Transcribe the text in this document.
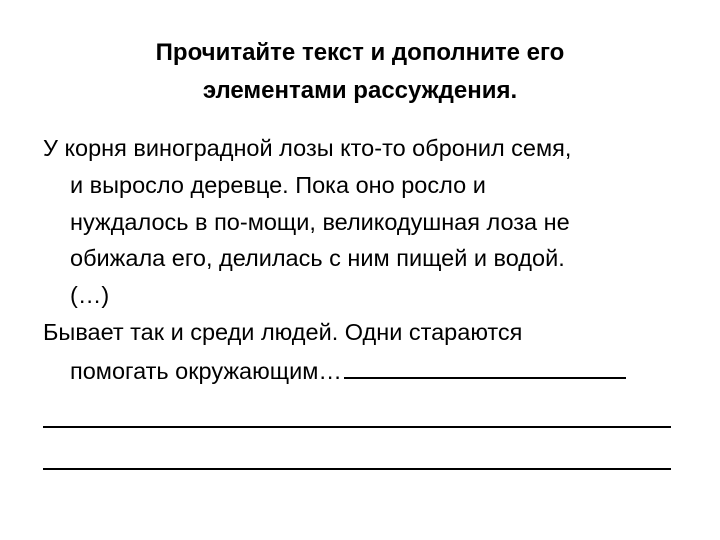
Прочитайте текст и дополните его
элементами рассуждения.
У корня виноградной лозы кто-то обронил семя,
и выросло деревце. Пока оно росло и
нуждалось в по-мощи, великодушная лоза не
обижала его, делилась с ним пищей и водой.
(…)
Бывает так и среди людей. Одни стараются
помогать окружающим…
